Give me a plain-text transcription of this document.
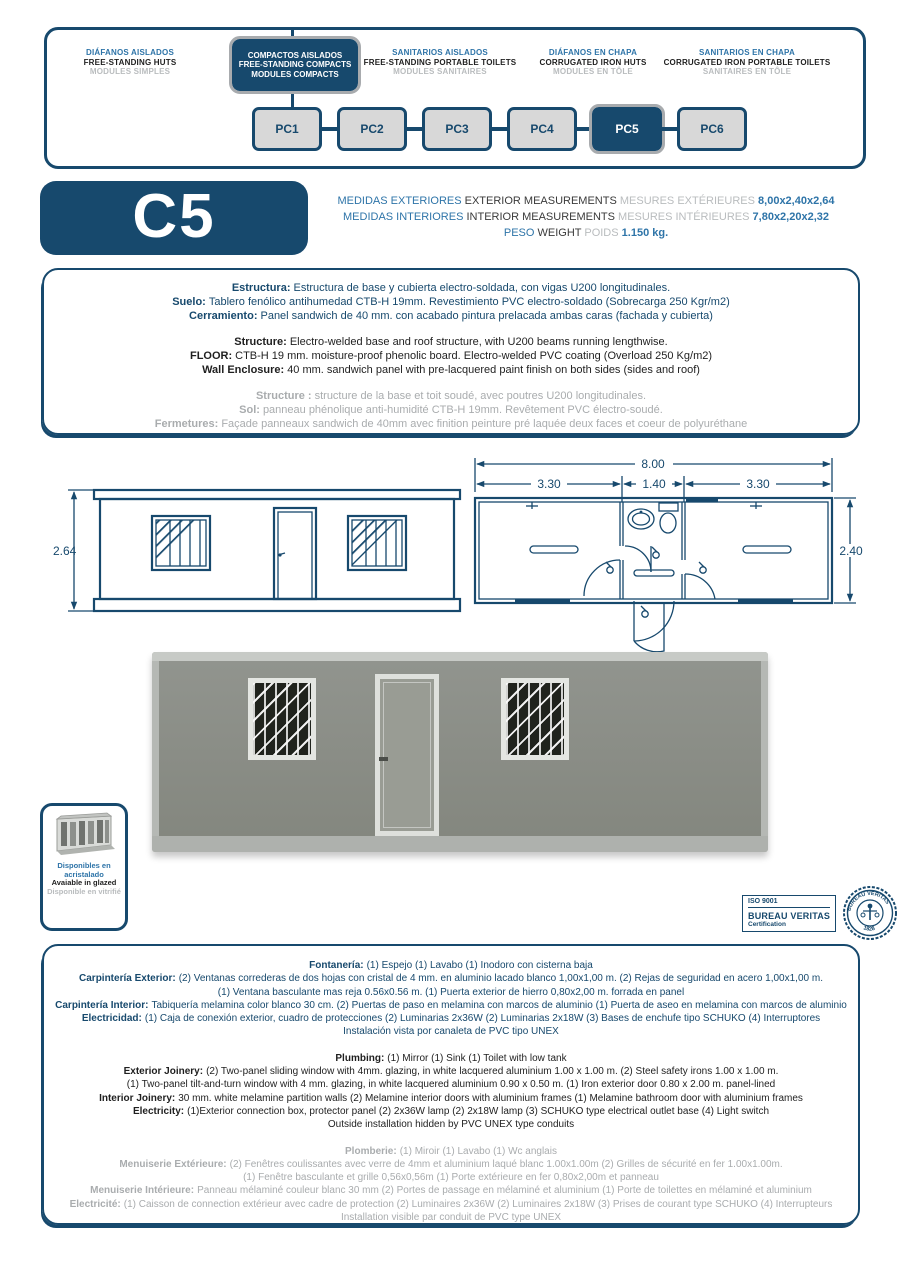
DIÁFANOS AISLADOS
FREE-STANDING HUTS
MODULES SIMPLES
COMPACTOS AISLADOS
FREE-STANDING COMPACTS
MODULES COMPACTS
SANITARIOS AISLADOS
FREE-STANDING PORTABLE TOILETS
MODULES SANITAIRES
DIÁFANOS EN CHAPA
CORRUGATED IRON HUTS
MODULES EN TÔLE
SANITARIOS EN CHAPA
CORRUGATED IRON PORTABLE TOILETS
SANITAIRES EN TÔLE
PC1	PC2	PC3	PC4	PC5	PC6
C5	MEDIDAS EXTERIORES EXTERIOR MEASUREMENTS MESURES EXTÉRIEURES 8,00x2,40x2,64
MEDIDAS INTERIORES INTERIOR MEASUREMENTS MESURES INTÉRIEURES 7,80x2,20x2,32
PESO WEIGHT POIDS 1.150 kg.
Estructura: Estructura de base y cubierta electro-soldada, con vigas U200 longitudinales.
Suelo: Tablero fenólico antihumedad CTB-H 19mm. Revestimiento PVC electro-soldado (Sobrecarga 250 Kgr/m2)
Cerramiento: Panel sandwich de 40 mm. con acabado pintura prelacada ambas caras (fachada y cubierta)
Structure: Electro-welded base and roof structure, with U200 beams running lengthwise.
FLOOR: CTB-H 19 mm. moisture-proof phenolic board. Electro-welded PVC coating (Overload 250 Kg/m2)
Wall Enclosure: 40 mm. sandwich panel with pre-lacquered paint finish on both sides (sides and roof)
Structure : structure de la base et toit soudé, avec poutres U200 longitudinales.
Sol: panneau phénolique anti-humidité CTB-H 19mm. Revêtement PVC électro-soudé.
Fermetures: Façade panneaux sandwich de 40mm avec finition peinture pré laquée deux faces et coeur de polyuréthane
2.64
8.00
3.30	1.40	3.30
2.40
Disponibles en acristalado
Avaiable in glazed
Disponible en vitrifié
ISO 9001
BUREAU VERITAS
Certification
BUREAU VERITAS
1828
Fontanería: (1) Espejo (1) Lavabo (1) Inodoro con cisterna baja
Carpintería Exterior: (2) Ventanas correderas de dos hojas con cristal de 4 mm. en aluminio lacado blanco 1,00x1,00 m. (2) Rejas de seguridad en acero 1,00x1,00 m.
(1) Ventana basculante mas reja 0.56x0.56 m. (1) Puerta exterior de hierro 0,80x2,00 m. forrada en panel
Carpintería Interior: Tabiquería melamina color blanco 30 cm. (2) Puertas de paso en melamina con marcos de aluminio (1) Puerta de aseo en melamina con marcos de aluminio
Electricidad: (1) Caja de conexión exterior, cuadro de protecciones (2) Luminarias 2x36W (2) Luminarias 2x18W (3) Bases de enchufe tipo SCHUKO (4) Interruptores
Instalación vista por canaleta de PVC tipo UNEX
Plumbing: (1) Mirror (1) Sink (1) Toilet with low tank
Exterior Joinery: (2) Two-panel sliding window with 4mm. glazing, in white lacquered aluminium 1.00 x 1.00 m. (2) Steel safety irons 1.00 x 1.00 m.
(1) Two-panel tilt-and-turn window with 4 mm. glazing, in white lacquered aluminium 0.90 x 0.50 m. (1) Iron exterior door 0.80 x 2.00 m. panel-lined
Interior Joinery: 30 mm. white melamine partition walls (2) Melamine interior doors with aluminium frames (1) Melamine bathroom door with aluminium frames
Electricity: (1)Exterior connection box, protector panel (2) 2x36W lamp (2) 2x18W lamp (3) SCHUKO type electrical outlet base (4) Light switch
Outside installation hidden by PVC UNEX type conduits
Plomberie: (1) Miroir (1) Lavabo (1) Wc anglais
Menuiserie Extérieure: (2) Fenêtres coulissantes avec verre de 4mm et aluminium laqué blanc 1.00x1.00m (2) Grilles de sécurité en fer 1.00x1.00m.
(1) Fenêtre basculante et grille 0,56x0,56m (1) Porte extérieure en fer 0,80x2,00m et panneau
Menuiserie Intérieure: Panneau mélaminé couleur blanc 30 mm (2) Portes de passage en mélaminé et aluminium (1) Porte de toilettes en mélaminé et aluminium
Electricité: (1) Caisson de connection extérieur avec cadre de protection (2) Luminaires 2x36W (2) Luminaires 2x18W (3) Prises de courant type SCHUKO (4) Interrupteurs
Installation visible par conduit de PVC type UNEX
